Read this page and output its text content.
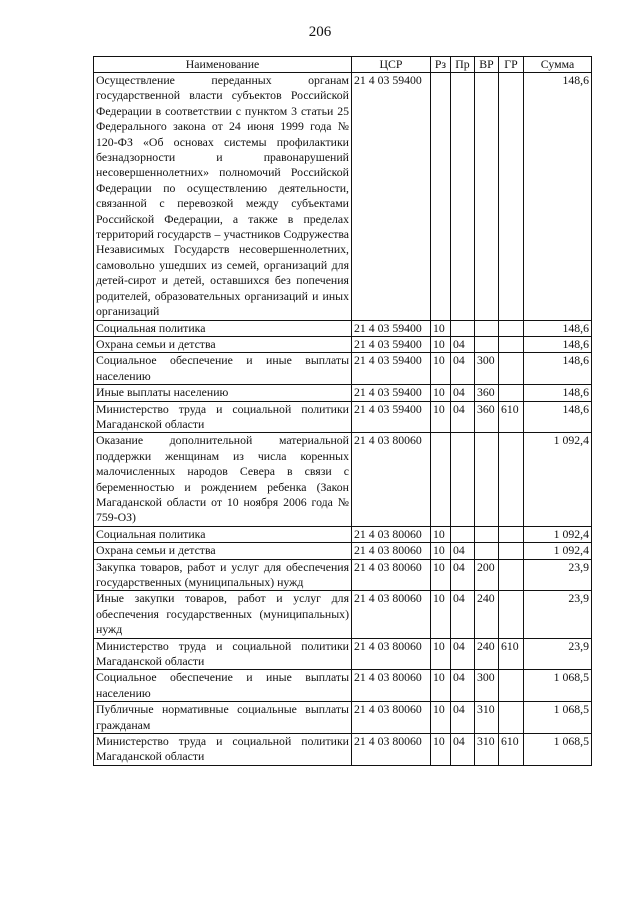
206
Наименование	ЦСР	Рз	Пр	ВР	ГР	Сумма
Осуществление переданных органам государственной власти субъектов Российской Федерации в соответствии с пунктом 3 статьи 25 Федерального закона от 24 июня 1999 года № 120-ФЗ «Об основах системы профилактики безнадзорности и правонарушений несовершеннолетних» полномочий Российской Федерации по осуществлению деятельности, связанной с перевозкой между субъектами Российской Федерации, а также в пределах территорий государств – участников Содружества Независимых Государств несовершеннолетних, самовольно ушедших из семей, организаций для детей-сирот и детей, оставшихся без попечения родителей, образовательных организаций и иных организаций	21 4 03 59400					148,6
Социальная политика	21 4 03 59400	10				148,6
Охрана семьи и детства	21 4 03 59400	10	04			148,6
Социальное обеспечение и иные выплаты населению	21 4 03 59400	10	04	300		148,6
Иные выплаты населению	21 4 03 59400	10	04	360		148,6
Министерство труда и социальной политики Магаданской области	21 4 03 59400	10	04	360	610	148,6
Оказание дополнительной материальной поддержки женщинам из числа коренных малочисленных народов Севера в связи с беременностью и рождением ребенка (Закон Магаданской области от 10 ноября 2006 года № 759-ОЗ)	21 4 03 80060					1 092,4
Социальная политика	21 4 03 80060	10				1 092,4
Охрана семьи и детства	21 4 03 80060	10	04			1 092,4
Закупка товаров, работ и услуг для обеспечения государственных (муниципальных) нужд	21 4 03 80060	10	04	200		23,9
Иные закупки товаров, работ и услуг для обеспечения государственных (муниципальных) нужд	21 4 03 80060	10	04	240		23,9
Министерство труда и социальной политики Магаданской области	21 4 03 80060	10	04	240	610	23,9
Социальное обеспечение и иные выплаты населению	21 4 03 80060	10	04	300		1 068,5
Публичные нормативные социальные выплаты гражданам	21 4 03 80060	10	04	310		1 068,5
Министерство труда и социальной политики Магаданской области	21 4 03 80060	10	04	310	610	1 068,5
